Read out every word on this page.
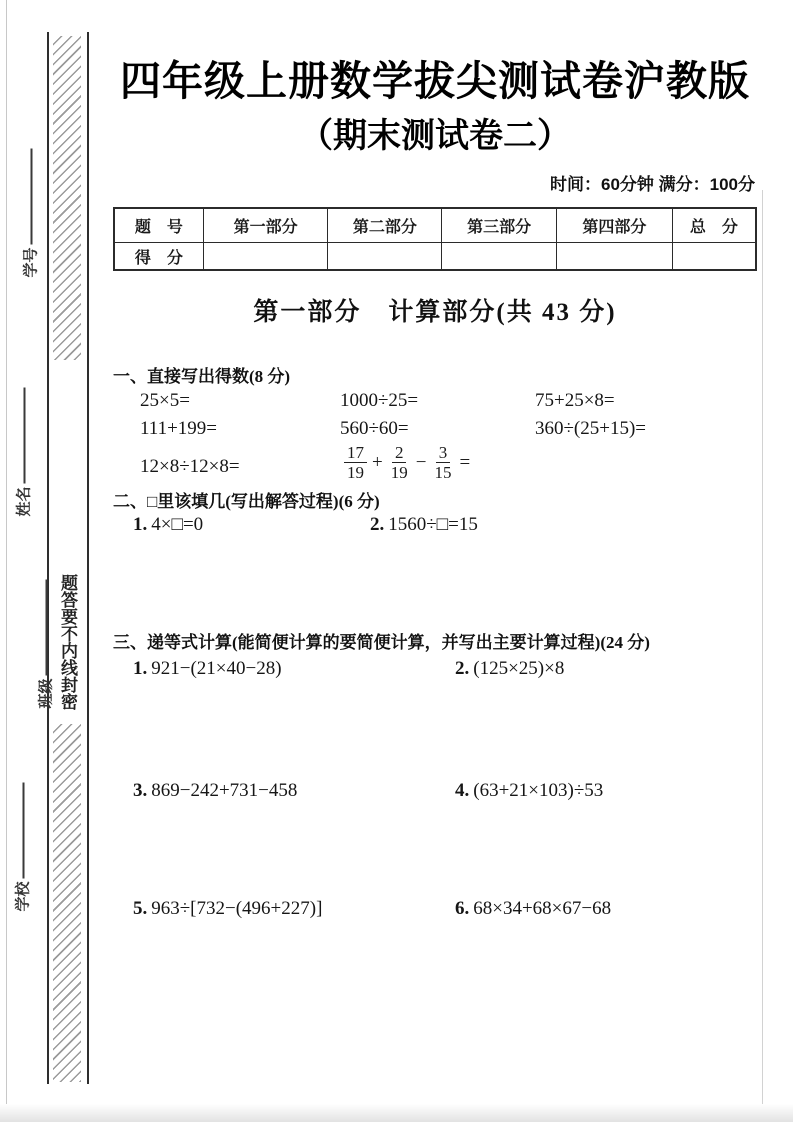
密封线内不要答题
学号
姓名
班级
学校
四年级上册数学拔尖测试卷沪教版
（期末测试卷二）
时间：60分钟 满分：100分
题　号	第一部分	第二部分	第三部分	第四部分	总　分
得　分
第一部分　计算部分(共 43 分)
一、直接写出得数(8 分)
25×5=	1000÷25=	75+25×8=
111+199=	560÷60=	360÷(25+15)=
12×8÷12×8=	$\frac{17}{19} + \frac{2}{19} - \frac{3}{15}$ =
二、□里该填几(写出解答过程)(6 分)
1. 4×□=0	2. 1560÷□=15
三、递等式计算(能简便计算的要简便计算，并写出主要计算过程)(24 分)
1. 921−(21×40−28)	2. (125×25)×8
3. 869−242+731−458	4. (63+21×103)÷53
5. 963÷[732−(496+227)]	6. 68×34+68×67−68
